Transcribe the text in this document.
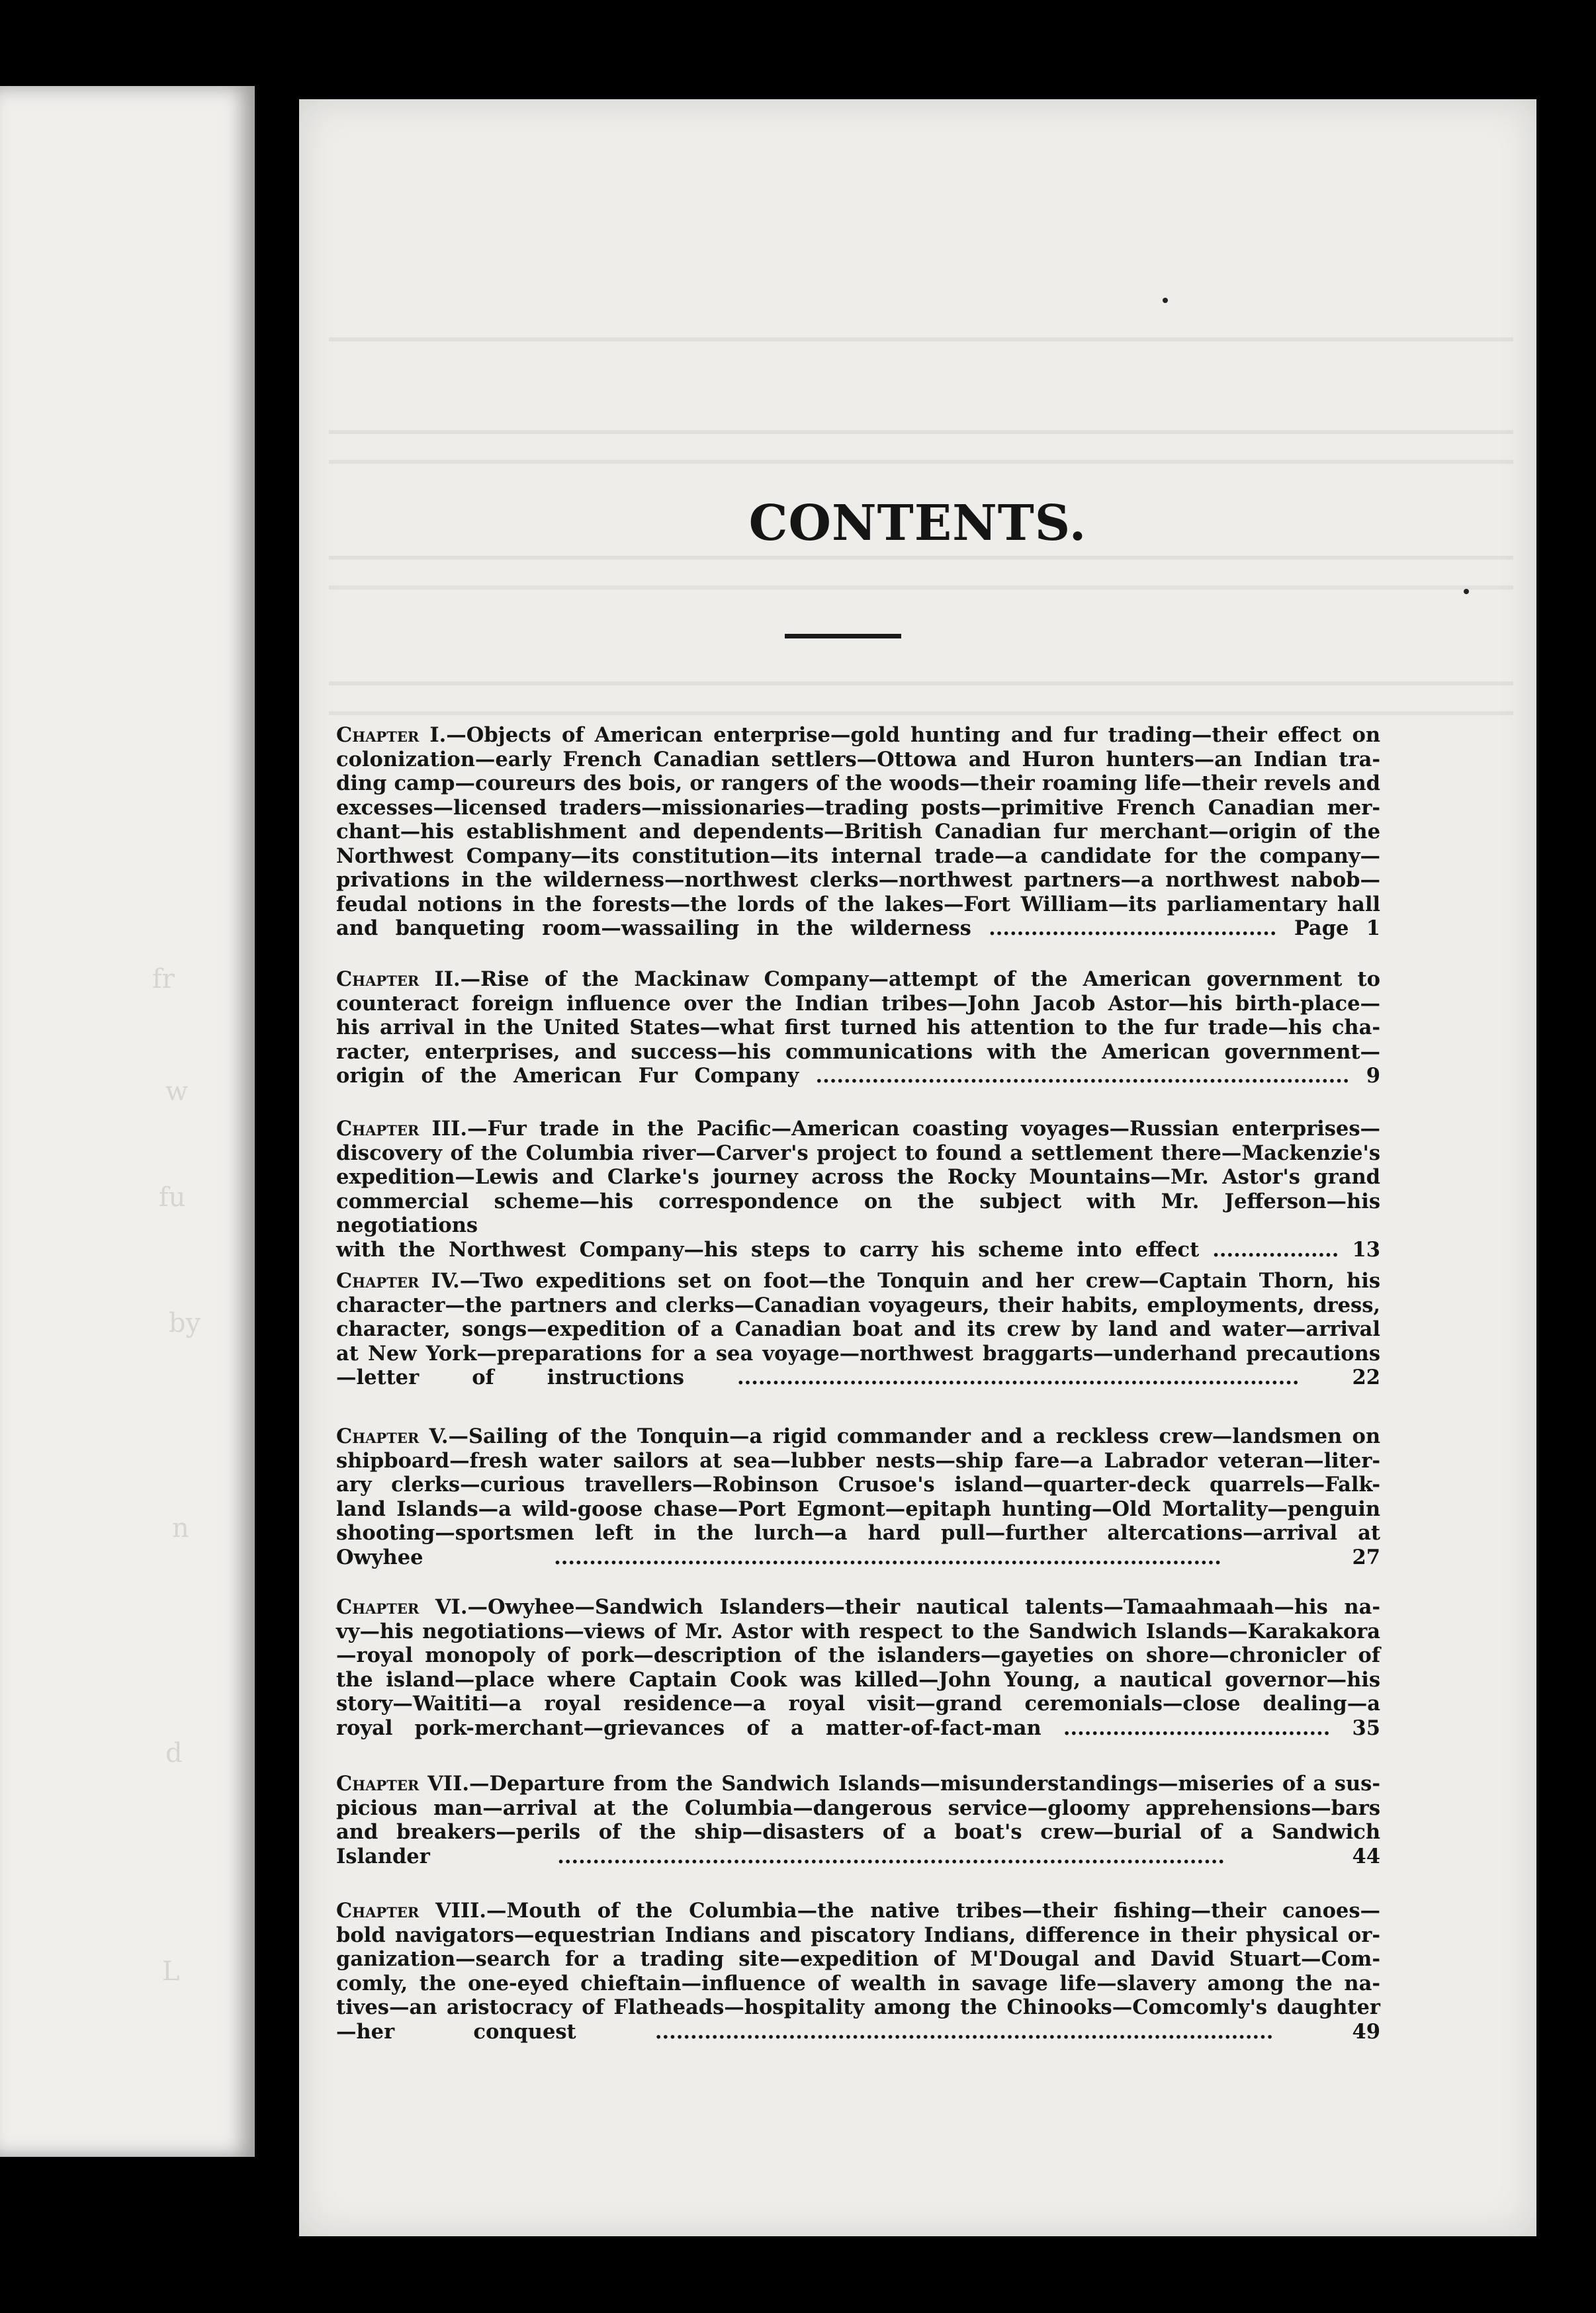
fr
w
fu
by
n
d
L
CONTENTS.

Chapter I.—Objects of American enterprise—gold hunting and fur trading—their effect on

colonization—early French Canadian settlers—Ottowa and Huron hunters—an Indian tra-

ding camp—coureurs des bois, or rangers of the woods—their roaming life—their revels and

excesses—licensed traders—missionaries—trading posts—primitive French Canadian mer-

chant—his establishment and dependents—British Canadian fur merchant—origin of the

Northwest Company—its constitution—its internal trade—a candidate for the company—

privations in the wilderness—northwest clerks—northwest partners—a northwest nabob—

feudal notions in the forests—the lords of the lakes—Fort William—its parliamentary hall

and banqueting room—wassailing in the wilderness ......................................... Page 1

Chapter II.—Rise of the Mackinaw Company—attempt of the American government to

counteract foreign influence over the Indian tribes—John Jacob Astor—his birth-place—

his arrival in the United States—what first turned his attention to the fur trade—his cha-

racter, enterprises, and success—his communications with the American government—

origin of the American Fur Company ............................................................................ 9

Chapter III.—Fur trade in the Pacific—American coasting voyages—Russian enterprises—

discovery of the Columbia river—Carver's project to found a settlement there—Mackenzie's

expedition—Lewis and Clarke's journey across the Rocky Mountains—Mr. Astor's grand

commercial scheme—his correspondence on the subject with Mr. Jefferson—his negotiations

with the Northwest Company—his steps to carry his scheme into effect .................. 13

Chapter IV.—Two expeditions set on foot—the Tonquin and her crew—Captain Thorn, his

character—the partners and clerks—Canadian voyageurs, their habits, employments, dress,

character, songs—expedition of a Canadian boat and its crew by land and water—arrival

at New York—preparations for a sea voyage—northwest braggarts—underhand precautions

—letter of instructions ................................................................................ 22

Chapter V.—Sailing of the Tonquin—a rigid commander and a reckless crew—landsmen on

shipboard—fresh water sailors at sea—lubber nests—ship fare—a Labrador veteran—liter-

ary clerks—curious travellers—Robinson Crusoe's island—quarter-deck quarrels—Falk-

land Islands—a wild-goose chase—Port Egmont—epitaph hunting—Old Mortality—penguin

shooting—sportsmen left in the lurch—a hard pull—further altercations—arrival at

Owyhee ............................................................................................... 27

Chapter VI.—Owyhee—Sandwich Islanders—their nautical talents—Tamaahmaah—his na-

vy—his negotiations—views of Mr. Astor with respect to the Sandwich Islands—Karakakora

—royal monopoly of pork—description of the islanders—gayeties on shore—chronicler of

the island—place where Captain Cook was killed—John Young, a nautical governor—his

story—Waititi—a royal residence—a royal visit—grand ceremonials—close dealing—a

royal pork-merchant—grievances of a matter-of-fact-man ...................................... 35

Chapter VII.—Departure from the Sandwich Islands—misunderstandings—miseries of a sus-

picious man—arrival at the Columbia—dangerous service—gloomy apprehensions—bars

and breakers—perils of the ship—disasters of a boat's crew—burial of a Sandwich

Islander ............................................................................................... 44

Chapter VIII.—Mouth of the Columbia—the native tribes—their fishing—their canoes—

bold navigators—equestrian Indians and piscatory Indians, difference in their physical or-

ganization—search for a trading site—expedition of M'Dougal and David Stuart—Com-

comly, the one-eyed chieftain—influence of wealth in savage life—slavery among the na-

tives—an aristocracy of Flatheads—hospitality among the Chinooks—Comcomly's daughter

—her conquest ........................................................................................ 49
